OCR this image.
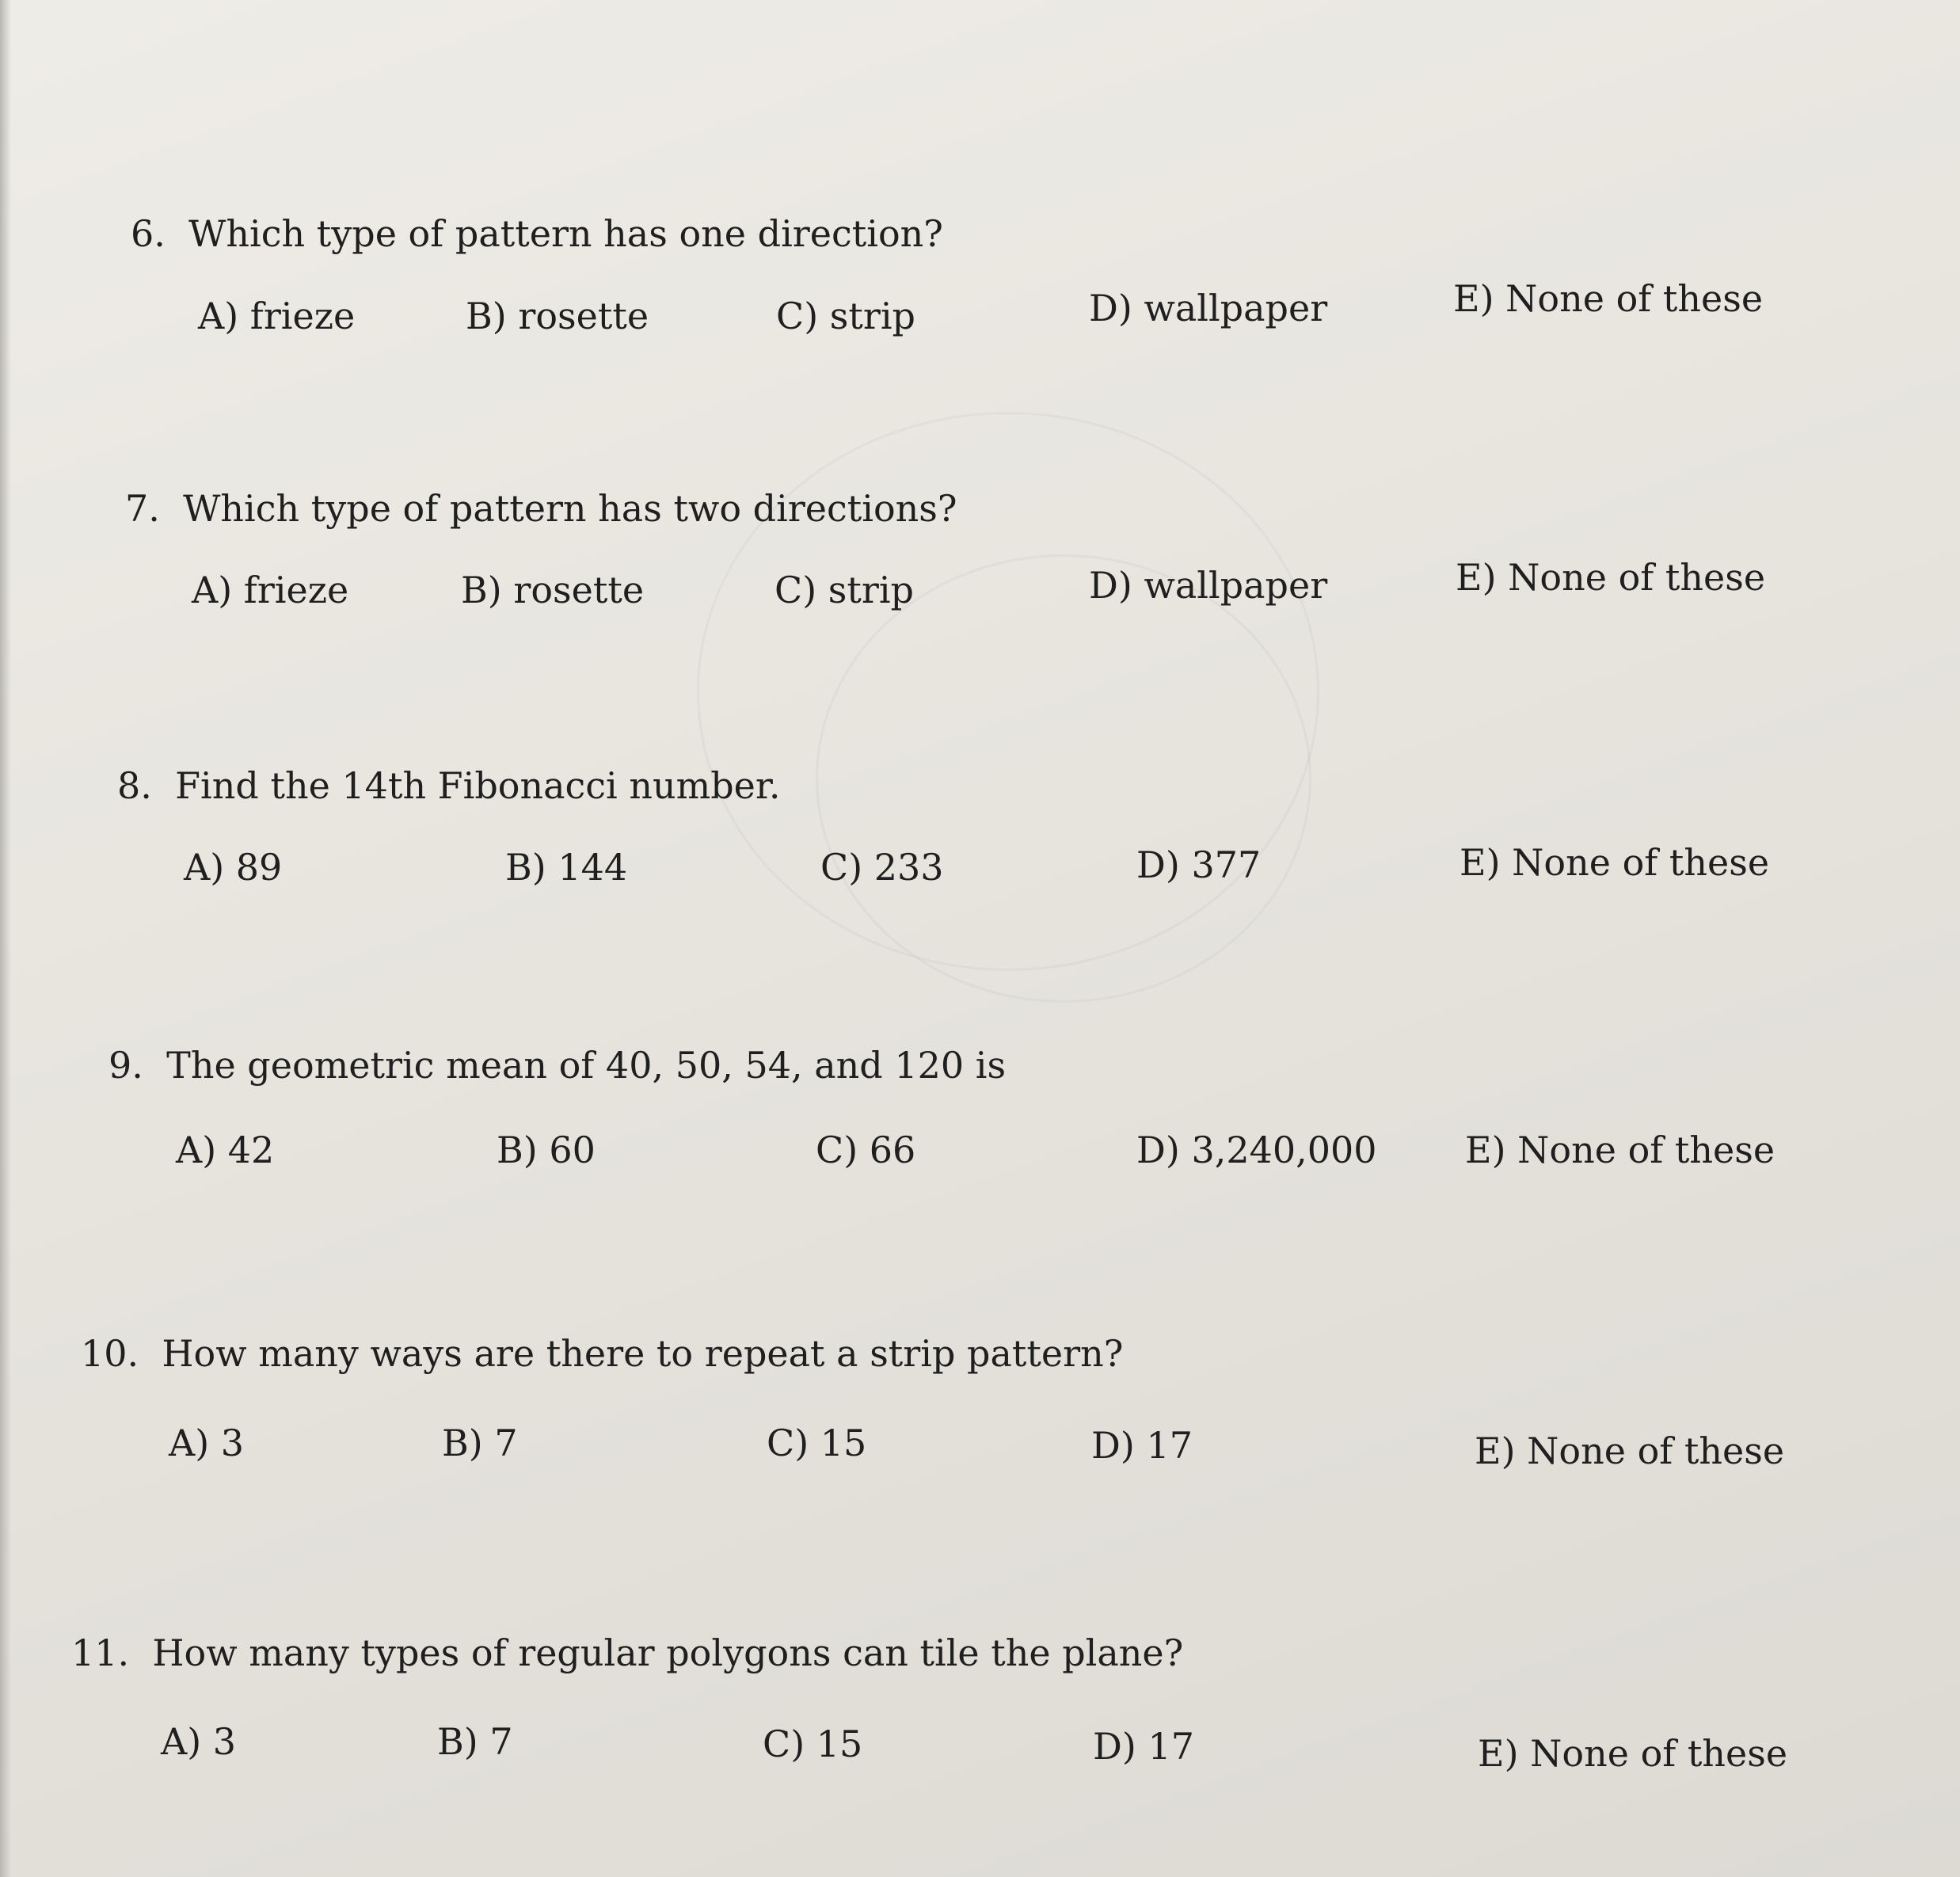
6. Which type of pattern has one direction?
A) frieze	B) rosette	C) strip	D) wallpaper	E) None of these
7. Which type of pattern has two directions?
A) frieze	B) rosette	C) strip	D) wallpaper	E) None of these
8. Find the 14th Fibonacci number.
A) 89	B) 144	C) 233	D) 377	E) None of these
9. The geometric mean of 40, 50, 54, and 120 is
A) 42	B) 60	C) 66	D) 3,240,000 E) None of these
10. How many ways are there to repeat a strip pattern?
A) 3	B) 7	C) 15	D) 17	E) None of these
11. How many types of regular polygons can tile the plane?
A) 3	B) 7	C) 15	D) 17	E) None of these
